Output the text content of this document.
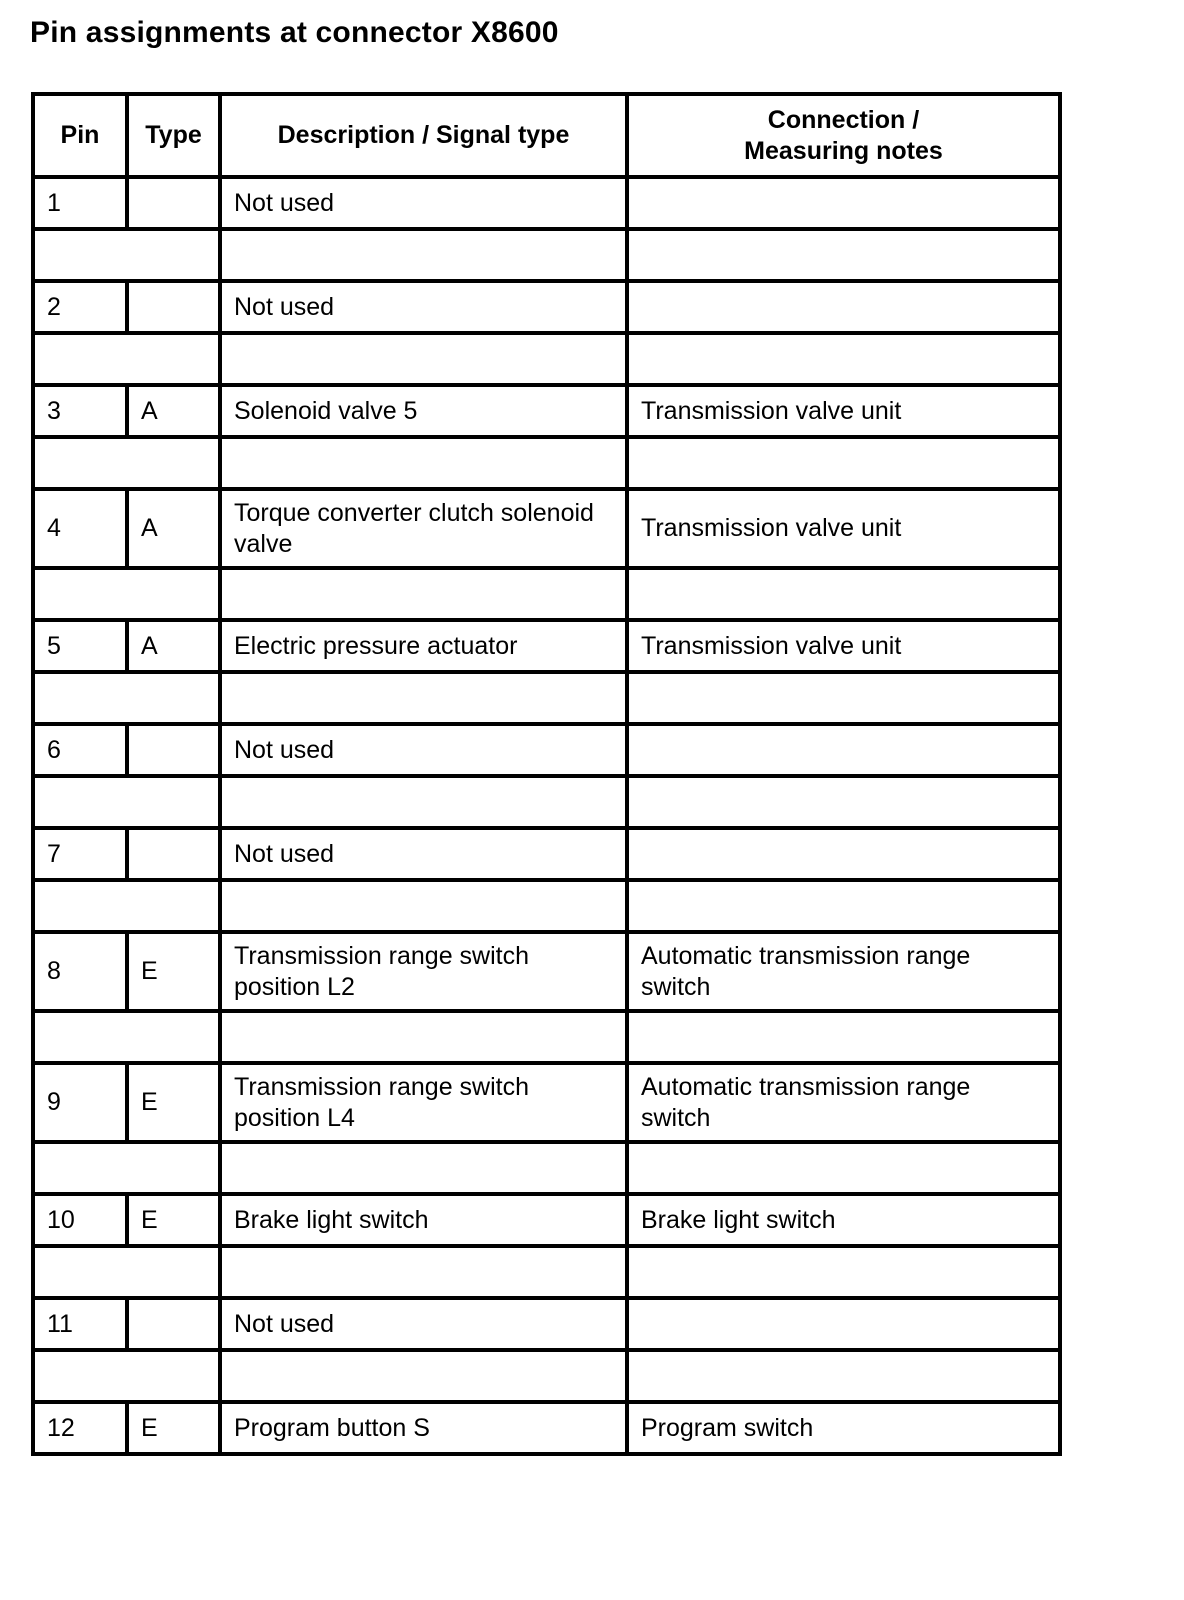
Pin assignments at connector X8600
Pin	Type	Description / Signal type	Connection /
Measuring notes
1		Not used	

2		Not used	

3	A	Solenoid valve 5	Transmission valve unit

4	A	Torque converter clutch solenoid valve	Transmission valve unit

5	A	Electric pressure actuator	Transmission valve unit

6		Not used	

7		Not used	

8	E	Transmission range switch position L2	Automatic transmission range switch

9	E	Transmission range switch position L4	Automatic transmission range switch

10	E	Brake light switch	Brake light switch

11		Not used	

12	E	Program button S	Program switch
